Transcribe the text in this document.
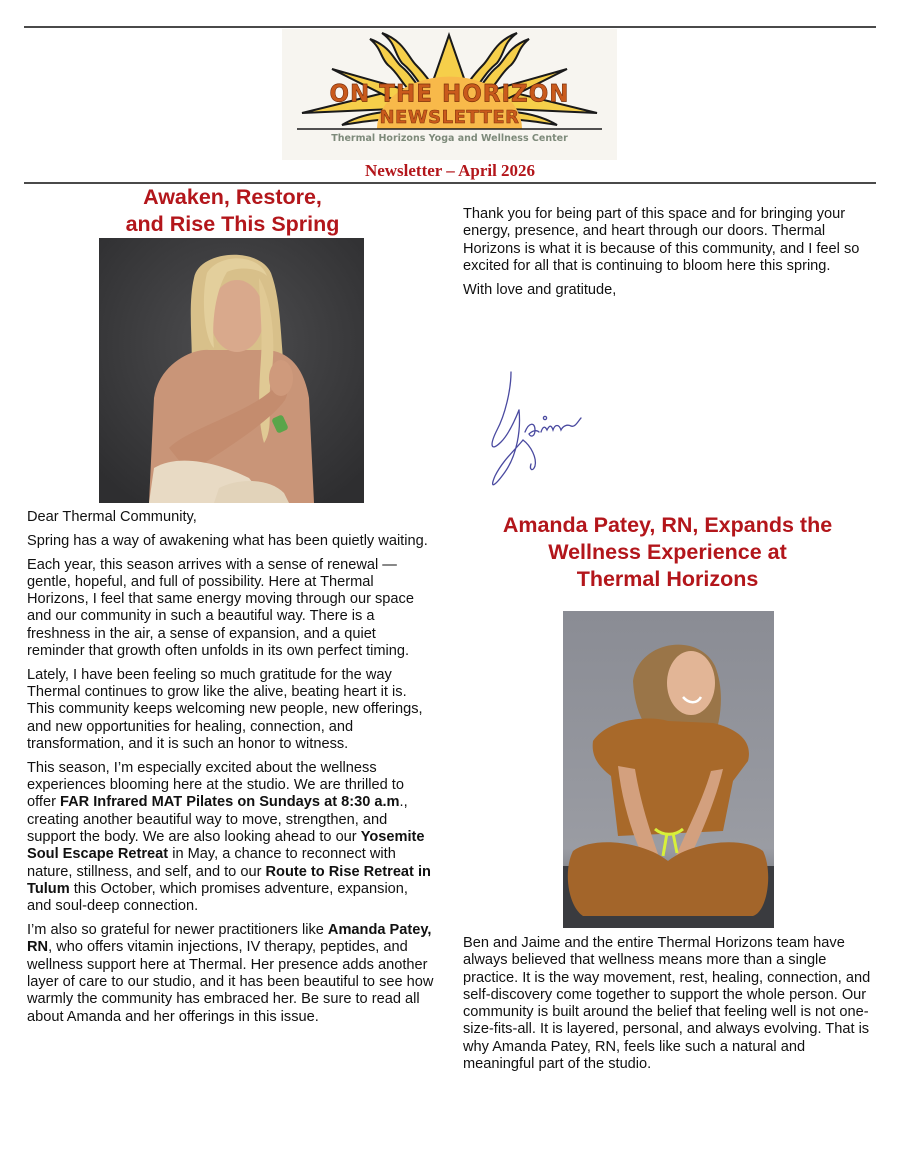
ON THE HORIZON
NEWSLETTER
Thermal Horizons Yoga and Wellness Center
Newsletter – April 2026
Awaken, Restore,
and Rise This Spring

Dear Thermal Community,

Spring has a way of awakening what has been quietly waiting.

Each year, this season arrives with a sense of renewal — gentle, hopeful, and full of possibility. Here at Thermal Horizons, I feel that same energy moving through our space and our community in such a beautiful way. There is a freshness in the air, a sense of expansion, and a quiet reminder that growth often unfolds in its own perfect timing.

Lately, I have been feeling so much gratitude for the way Thermal continues to grow like the alive, beating heart it is. This community keeps welcoming new people, new offerings, and new opportunities for healing, connection, and transformation, and it is such an honor to witness.

This season, I’m especially excited about the wellness experiences blooming here at the studio. We are thrilled to offer FAR Infrared MAT Pilates on Sundays at 8:30 a.m., creating another beautiful way to move, strengthen, and support the body. We are also looking ahead to our Yosemite Soul Escape Retreat in May, a chance to reconnect with nature, stillness, and self, and to our Route to Rise Retreat in Tulum this October, which promises adventure, expansion, and soul-deep connection.

I’m also so grateful for newer practitioners like Amanda Patey, RN, who offers vitamin injections, IV therapy, peptides, and wellness support here at Thermal. Her presence adds another layer of care to our studio, and it has been beautiful to see how warmly the community has embraced her. Be sure to read all about Amanda and her offerings in this issue.

Thank you for being part of this space and for bringing your energy, presence, and heart through our doors. Thermal Horizons is what it is because of this community, and I feel so excited for all that is continuing to bloom here this spring.

With love and gratitude,

Amanda Patey, RN, Expands the
Wellness Experience at
Thermal Horizons

Ben and Jaime and the entire Thermal Horizons team have always believed that wellness means more than a single practice. It is the way movement, rest, healing, connection, and self-discovery come together to support the whole person. Our community is built around the belief that feeling well is not one-size-fits-all. It is layered, personal, and always evolving. That is why Amanda Patey, RN, feels like such a natural and meaningful part of the studio.
